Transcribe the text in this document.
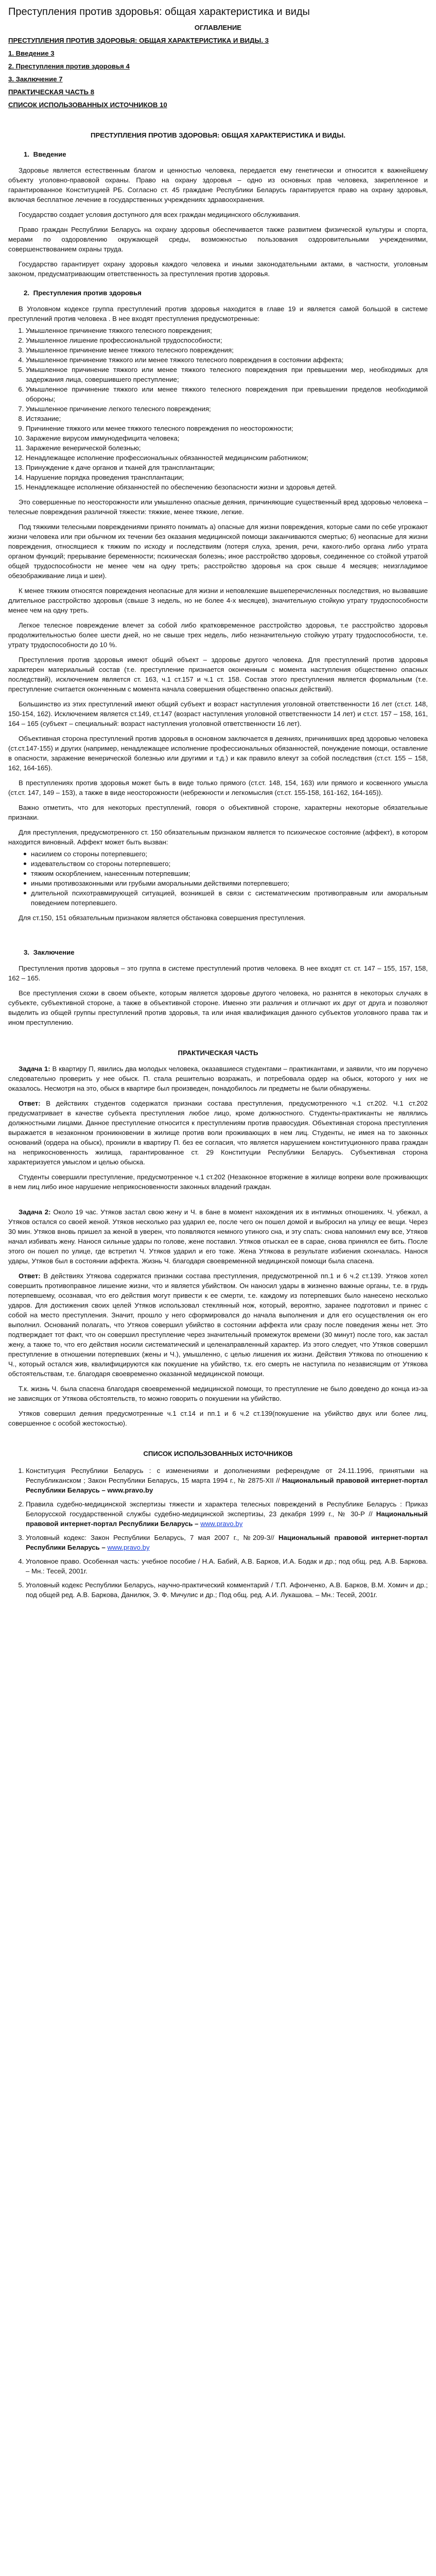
Преступления против здоровья: общая характеристика и виды
ОГЛАВЛЕНИЕ
ПРЕСТУПЛЕНИЯ ПРОТИВ ЗДОРОВЬЯ: ОБЩАЯ ХАРАКТЕРИСТИКА И ВИДЫ. 3
1. Введение 3
2. Преступления против здоровья 4
3. Заключение 7
ПРАКТИЧЕСКАЯ ЧАСТЬ 8
СПИСОК ИСПОЛЬЗОВАННЫХ ИСТОЧНИКОВ 10
ПРЕСТУПЛЕНИЯ ПРОТИВ ЗДОРОВЬЯ: ОБЩАЯ ХАРАКТЕРИСТИКА И ВИДЫ.
1. Введение

Здоровье является естественным благом и ценностью человека, передается ему генетически и относится к важнейшему объекту уголовно-правовой охраны. Право на охрану здоровья – одно из основных прав человека, закрепленное и гарантированное Конституцией РБ. Согласно ст. 45 граждане Республики Беларусь гарантируется право на охрану здоровья, включая бесплатное лечение в государственных учреждениях здравоохранения.

Государство создает условия доступного для всех граждан медицинского обслуживания.

Право граждан Республики Беларусь на охрану здоровья обеспечивается также развитием физической культуры и спорта, мерами по оздоровлению окружающей среды, возможностью пользования оздоровительными учреждениями, совершенствованием охраны труда.

Государство гарантирует охрану здоровья каждого человека и иными законодательными актами, в частности, уголовным законом, предусматривающим ответственность за преступления против здоровья.

2. Преступления против здоровья

В Уголовном кодексе группа преступлений против здоровья находится в главе 19 и является самой большой в системе преступлений против человека . В нее входят преступления предусмотренные:

1. Умышленное причинение тяжкого телесного повреждения;
2. Умышленное лишение профессиональной трудоспособности;
3. Умышленное причинение менее тяжкого телесного повреждения;
4. Умышленное причинение тяжкого или менее тяжкого телесного повреждения в состоянии аффекта;
5. Умышленное причинение тяжкого или менее тяжкого телесного повреждения при превышении мер, необходимых для задержания лица, совершившего преступление;
6. Умышленное причинение тяжкого или менее тяжкого телесного повреждения при превышении пределов необходимой обороны;
7. Умышленное причинение легкого телесного повреждения;
8. Истязание;
9. Причинение тяжкого или менее тяжкого телесного повреждения по неосторожности;
10. Заражение вирусом иммунодефицита человека;
11. Заражение венерической болезнью;
12. Ненадлежащее исполнение профессиональных обязанностей медицинским работником;
13. Принуждение к даче органов и тканей для трансплантации;
14. Нарушение порядка проведения трансплантации;
15. Ненадлежащее исполнение обязанностей по обеспечению безопасности жизни и здоровья детей.

Это совершенные по неосторожности или умышленно опасные деяния, причиняющие существенный вред здоровью человека – телесные повреждения различной тяжести: тяжкие, менее тяжкие, легкие.

Под тяжкими телесными повреждениями принято понимать а) опасные для жизни повреждения, которые сами по себе угрожают жизни человека или при обычном их течении без оказания медицинской помощи заканчиваются смертью; б) неопасные для жизни повреждения, относящиеся к тяжким по исходу и последствиям (потеря слуха, зрения, речи, какого-либо органа либо утрата органом функций; прерывание беременности; психическая болезнь; иное расстройство здоровья, соединенное со стойкой утратой общей трудоспособности не менее чем на одну треть; расстройство здоровья на срок свыше 4 месяцев; неизгладимое обезображивание лица и шеи).

К менее тяжким относятся повреждения неопасные для жизни и неповлекшие вышеперечисленных последствия, но вызвавшие длительное расстройство здоровья (свыше 3 недель, но не более 4-х месяцев), значительную стойкую утрату трудоспособности менее чем на одну треть.

Легкое телесное повреждение влечет за собой либо кратковременное расстройство здоровья, т.е расстройство здоровья продолжительностью более шести дней, но не свыше трех недель, либо незначительную стойкую утрату трудоспособности, т.е. утрату трудоспособности до 10 %.

Преступления против здоровья имеют общий объект – здоровье другого человека. Для преступлений против здоровья характерен материальный состав (т.е. преступление признается оконченным с момента наступления общественно опасных последствий), исключением является ст. 163, ч.1 ст.157 и ч.1 ст. 158. Состав этого преступления является формальным (т.е. преступление считается оконченным с момента начала совершения общественно опасных действий).

Большинство из этих преступлений имеют общий субъект и возраст наступления уголовной ответственности 16 лет (ст.ст. 148, 150-154, 162). Исключением является ст.149, ст.147 (возраст наступления уголовной ответственности 14 лет) и ст.ст. 157 – 158, 161, 164 – 165 (субъект – специальный: возраст наступления уголовной ответственности 16 лет).

Объективная сторона преступлений против здоровья в основном заключается в деяниях, причинивших вред здоровью человека (ст.ст.147-155) и других (например, ненадлежащее исполнение профессиональных обязанностей, понуждение помощи, оставление в опасности, заражение венерической болезнью или другими и т.д.) и как правило влекут за собой последствия (ст.ст. 155 – 158, 162, 164-165).

В преступлениях против здоровья может быть в виде только прямого (ст.ст. 148, 154, 163) или прямого и косвенного умысла (ст.ст. 147, 149 – 153), а также в виде неосторожности (небрежности и легкомыслия (ст.ст. 155-158, 161-162, 164-165)).

Важно отметить, что для некоторых преступлений, говоря о объективной стороне, характерны некоторые обязательные признаки.

Для преступления, предусмотренного ст. 150 обязательным признаком является то психическое состояние (аффект), в котором находится виновный. Аффект может быть вызван:

насилием со стороны потерпевшего;
издевательством со стороны потерпевшего;
тяжким оскорблением, нанесенным потерпевшим;
иными противозаконными или грубыми аморальными действиями потерпевшего;
длительной психотравмирующей ситуацией, возникшей в связи с систематическим противоправным или аморальным поведением потерпевшего.

Для ст.150, 151 обязательным признаком является обстановка совершения преступления.

3. Заключение

Преступления против здоровья – это группа в системе преступлений против человека. В нее входят ст. ст. 147 – 155, 157, 158, 162 – 165.

Все преступления схожи в своем объекте, которым является здоровье другого человека, но разнятся в некоторых случаях в субъекте, субъективной стороне, а также в объективной стороне. Именно эти различия и отличают их друг от друга и позволяют выделить из общей группы преступлений против здоровья, та или иная квалификация данного субъектов уголовного права так и ином преступлению.

ПРАКТИЧЕСКАЯ ЧАСТЬ

Задача 1: В квартиру П, явились два молодых человека, оказавшиеся студентами – практикантами, и заявили, что им поручено следовательно проверить у нее обыск. П. стала решительно возражать, и потребовала ордер на обыск, которого у них не оказалось. Несмотря на это, обыск в квартире был произведен, понадобилось ли предметы не были обнаружены.

Ответ: В действиях студентов содержатся признаки состава преступления, предусмотренного ч.1 ст.202. Ч.1 ст.202 предусматривает в качестве субъекта преступления любое лицо, кроме должностного. Студенты-практиканты не являлись должностными лицами. Данное преступление относится к преступлениям против правосудия. Объективная сторона преступления выражается в незаконном проникновении в жилище против воли проживающих в нем лиц. Студенты, не имея на то законных оснований (ордера на обыск), проникли в квартиру П. без ее согласия, что является нарушением конституционного права граждан на неприкосновенность жилища, гарантированное ст. 29 Конституции Республики Беларусь. Субъективная сторона характеризуется умыслом и целью обыска.

Студенты совершили преступление, предусмотренное ч.1 ст.202 (Незаконное вторжение в жилище вопреки воле проживающих в нем лиц либо иное нарушение неприкосновенности законных владений граждан.

Задача 2: Около 19 час. Утяков застал свою жену и Ч. в бане в момент нахождения их в интимных отношениях. Ч. убежал, а Утяков остался со своей женой. Утяков несколько раз ударил ее, после чего он пошел домой и выбросил на улицу ее вещи. Через 30 мин. Утяков вновь пришел за женой в уверен, что появляются немного утиного сна, и эту спать: снова напомнил ему все, Утяков начал избивать жену. Нанося сильные удары по голове, жене поставил. Утяков отыскал ее в сарае, снова принялся ее бить. После этого он пошел по улице, где встретил Ч. Утяков ударил и его тоже. Жена Утякова в результате избиения скончалась. Нанося удары, Утяков был в состоянии аффекта. Жизнь Ч. благодаря своевременной медицинской помощи была спасена.

Ответ: В действиях Утякова содержатся признаки состава преступления, предусмотренной пп.1 и 6 ч.2 ст.139. Утяков хотел совершить противоправное лишение жизни, что и является убийством. Он наносил удары в жизненно важные органы, т.е. в грудь потерпевшему, осознавая, что его действия могут привести к ее смерти, т.е. каждому из потерпевших было нанесено несколько ударов. Для достижения своих целей Утяков использовал стеклянный нож, который, вероятно, заранее подготовил и принес с собой на место преступления. Значит, прошло у него сформировался до начала выполнения и для его осуществления он его выполнил. Оснований полагать, что Утяков совершил убийство в состоянии аффекта или сразу после поведения жены нет. Это подтверждает тот факт, что он совершил преступление через значительный промежуток времени (30 минут) после того, как застал жену, а также то, что его действия носили систематический и целенаправленный характер. Из этого следует, что Утяков совершил преступление в отношении потерпевших (жены и Ч.), умышленно, с целью лишения их жизни. Действия Утякова по отношению к Ч., который остался жив, квалифицируются как покушение на убийство, т.к. его смерть не наступила по независящим от Утякова обстоятельствам, т.е. благодаря своевременно оказанной медицинской помощи.

Т.к. жизнь Ч. была спасена благодаря своевременной медицинской помощи, то преступление не было доведено до конца из-за не зависящих от Утякова обстоятельств, то можно говорить о покушении на убийство.

Утяков совершил деяния предусмотренные ч.1 ст.14 и пп.1 и 6 ч.2 ст.139(покушение на убийство двух или более лиц, совершенное с особой жестокостью).

СПИСОК ИСПОЛЬЗОВАННЫХ ИСТОЧНИКОВ
1. Конституция Республики Беларусь : с изменениями и дополнениями референдуме от 24.11.1996, принятыми на Республиканском ; Закон Республики Беларусь, 15 марта 1994 г., № 2875-XII // Национальный правовой интернет-портал Республики Беларусь – www.pravo.by
2. Правила судебно-медицинской экспертизы тяжести и характера телесных повреждений в Республике Беларусь : Приказ Белорусской государственной службы судебно-медицинской экспертизы, 23 декабря 1999 г., № 30-Р // Национальный правовой интернет-портал Республики Беларусь – www.pravo.by
3. Уголовный кодекс: Закон Республики Беларусь, 7 мая 2007 г., №209-З// Национальный правовой интернет-портал Республики Беларусь – www.pravo.by
4. Уголовное право. Особенная часть: учебное пособие / Н.А. Бабий, А.В. Барков, И.А. Бодак и др.; под общ. ред. А.В. Баркова. – Мн.: Тесей, 2001г.
5. Уголовный кодекс Республики Беларусь, научно-практический комментарий / Т.П. Афонченко, А.В. Барков, В.М. Хомич и др.; под общей ред. А.В. Баркова, Данилюк, Э. Ф. Мичулис и др.; Под общ. ред. А.И. Лукашова. – Мн.: Тесей, 2001г.
